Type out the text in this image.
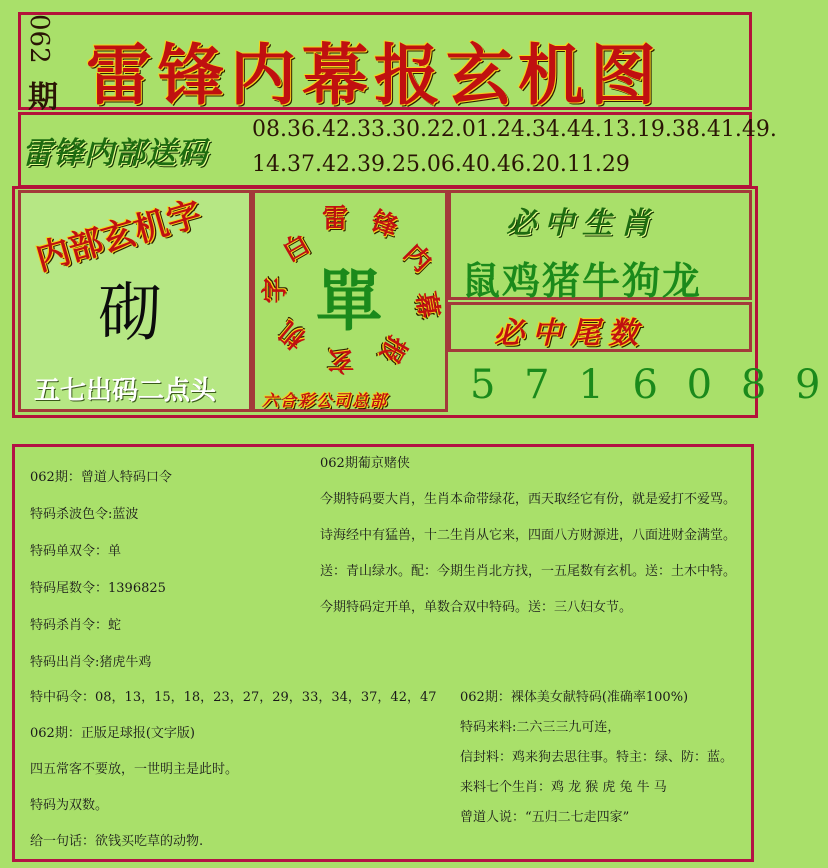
062
期 雷锋内幕报玄机图
雷锋内部送码
08.36.42.33.30.22.01.24.34.44.13.19.38.41.49.
14.37.42.39.25.06.40.46.20.11.29
内部玄机字
砌
五七出码二点头
白
雷 锋
内
幕
报
玄
机
字 單
六合彩公司总部
必中生肖
鼠鸡猪牛狗龙
必中尾数
5 7 1 6 0 8 9
062期：曾道人特码口令
特码杀波色令:蓝波
特码单双令：单
特码尾数令：1396825
特码杀肖令：蛇
特码出肖令:猪虎牛鸡
特中码令：08，13，15，18，23，27，29，33，34，37，42，47
062期：正版足球报(文字版)
四五常客不要放，一世明主是此时。
特码为双数。
给一句话：欲钱买吃草的动物.
062期葡京赌侠
今期特码要大肖，生肖本命带绿花，西天取经它有份，就是爱打不爱骂。
诗海经中有猛兽，十二生肖从它来，四面八方财源进，八面进财金满堂。
送：青山绿水。配：今期生肖北方找，一五尾数有玄机。送：土木中特。
今期特码定开单，单数合双中特码。送：三八妇女节。
062期：裸体美女献特码(准确率100%)
特码来料:二六三三九可连，
信封料：鸡来狗去思往事。特主：绿、防：蓝。
来料七个生肖：鸡 龙 猴 虎 兔 牛 马
曾道人说：“五归二七走四家”
